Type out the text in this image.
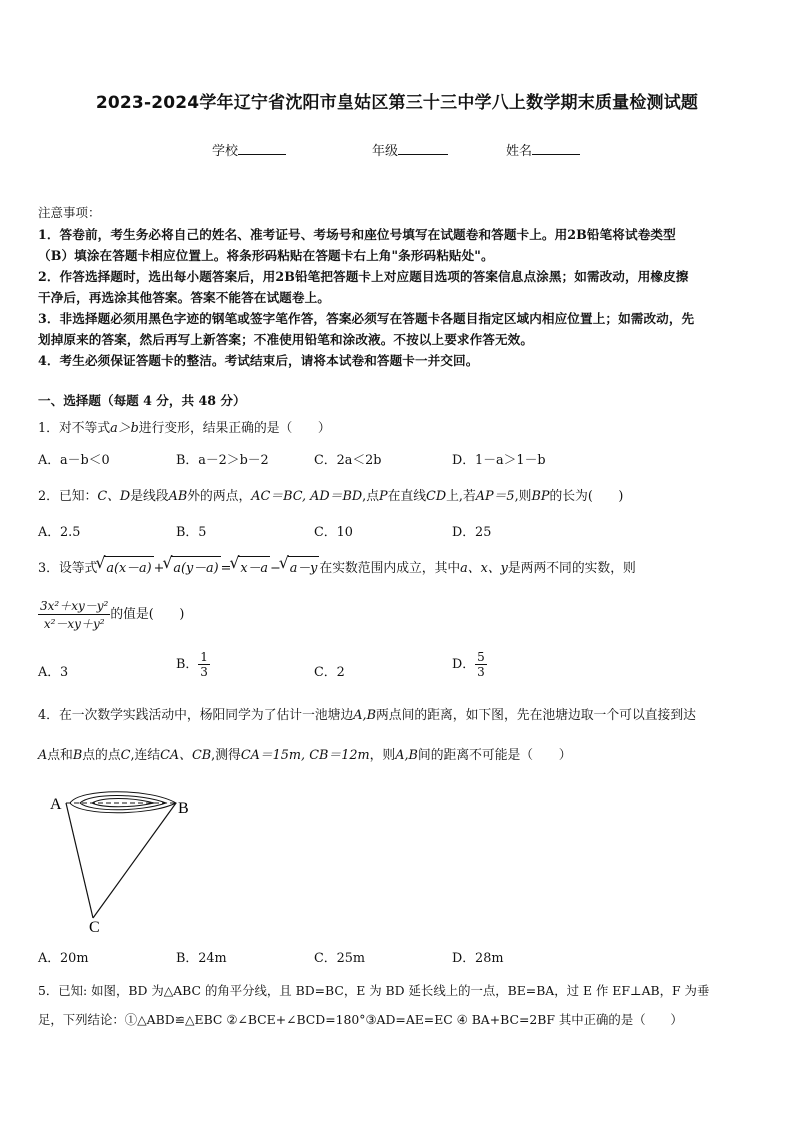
2023-2024学年辽宁省沈阳市皇姑区第三十三中学八上数学期末质量检测试题
学校	年级	姓名
注意事项：
1．答卷前，考生务必将自己的姓名、准考证号、考场号和座位号填写在试题卷和答题卡上。用2B铅笔将试卷类型
（B）填涂在答题卡相应位置上。将条形码粘贴在答题卡右上角"条形码粘贴处"。
2．作答选择题时，选出每小题答案后，用2B铅笔把答题卡上对应题目选项的答案信息点涂黑；如需改动，用橡皮擦
干净后，再选涂其他答案。答案不能答在试题卷上。
3．非选择题必须用黑色字迹的钢笔或签字笔作答，答案必须写在答题卡各题目指定区域内相应位置上；如需改动，先
划掉原来的答案，然后再写上新答案；不准使用铅笔和涂改液。不按以上要求作答无效。
4．考生必须保证答题卡的整洁。考试结束后，请将本试卷和答题卡一并交回。
一、选择题（每题 4 分，共 48 分）
1．对不等式a＞b进行变形，结果正确的是（　　）
A．a－b＜0	B．a－2＞b－2	C．2a＜2b	D．1－a＞1－b
2．已知：C、D是线段AB外的两点，AC＝BC, AD＝BD,点P在直线CD上,若AP＝5,则BP的长为(　　)
A．2.5	B．5	C．10	D．25
3．设等式 √ a(x－a) + √ a(y－a) = √ x－a − √ a－y 在实数范围内成立，其中a、x、y是两两不同的实数，则
$\frac{\text{3x²＋xy－y²}}{\text{x²－xy＋y²}}$ 的值是(　　)
A．3
B． $\frac{1}{3}$	C．2
D． $\frac{5}{3}$
4．在一次数学实践活动中，杨阳同学为了估计一池塘边A,B两点间的距离，如下图，先在池塘边取一个可以直接到达
A点和B点的点C,连结CA、CB,测得CA＝15m, CB＝12m，则A,B间的距离不可能是（　　）
A	B
C
A．20m	B．24m	C．25m	D．28m
5．已知: 如图，BD 为△ABC 的角平分线，且 BD=BC，E 为 BD 延长线上的一点，BE=BA，过 E 作 EF⊥AB，F 为垂
足，下列结论：①△ABD≌△EBC ②∠BCE+∠BCD=180°③AD=AE=EC ④ BA+BC=2BF 其中正确的是（　　）
